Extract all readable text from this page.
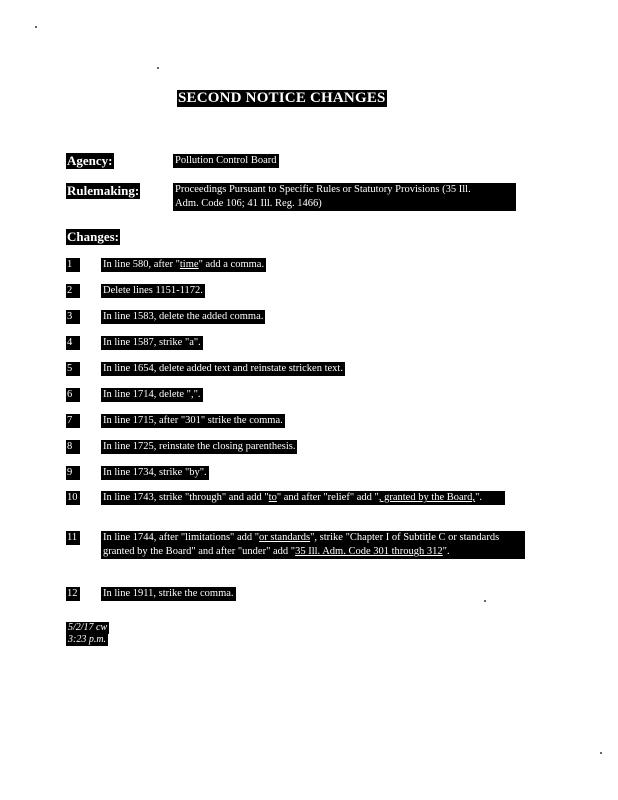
SECOND NOTICE CHANGES
Agency:	Pollution Control Board
Rulemaking:	Proceedings Pursuant to Specific Rules or Statutory Provisions (35 Ill.
Adm. Code 106; 41 Ill. Reg. 1466)
Changes:
1	In line 580, after "time" add a comma.
2	Delete lines 1151-1172.
3	In line 1583, delete the added comma.
4	In line 1587, strike "a".
5	In line 1654, delete added text and reinstate stricken text.
6	In line 1714, delete ",".
7	In line 1715, after "301" strike the comma.
8	In line 1725, reinstate the closing parenthesis.
9	In line 1734, strike "by".
10 In line 1743, strike "through" and add "to" and after "relief" add ", granted by the Board,".
11 In line 1744, after "limitations" add "or standards", strike "Chapter I of Subtitle C or standards granted by the Board" and after "under" add "35 Ill. Adm. Code 301 through 312".
12 In line 1911, strike the comma.
5/2/17 cw
3:23 p.m.
